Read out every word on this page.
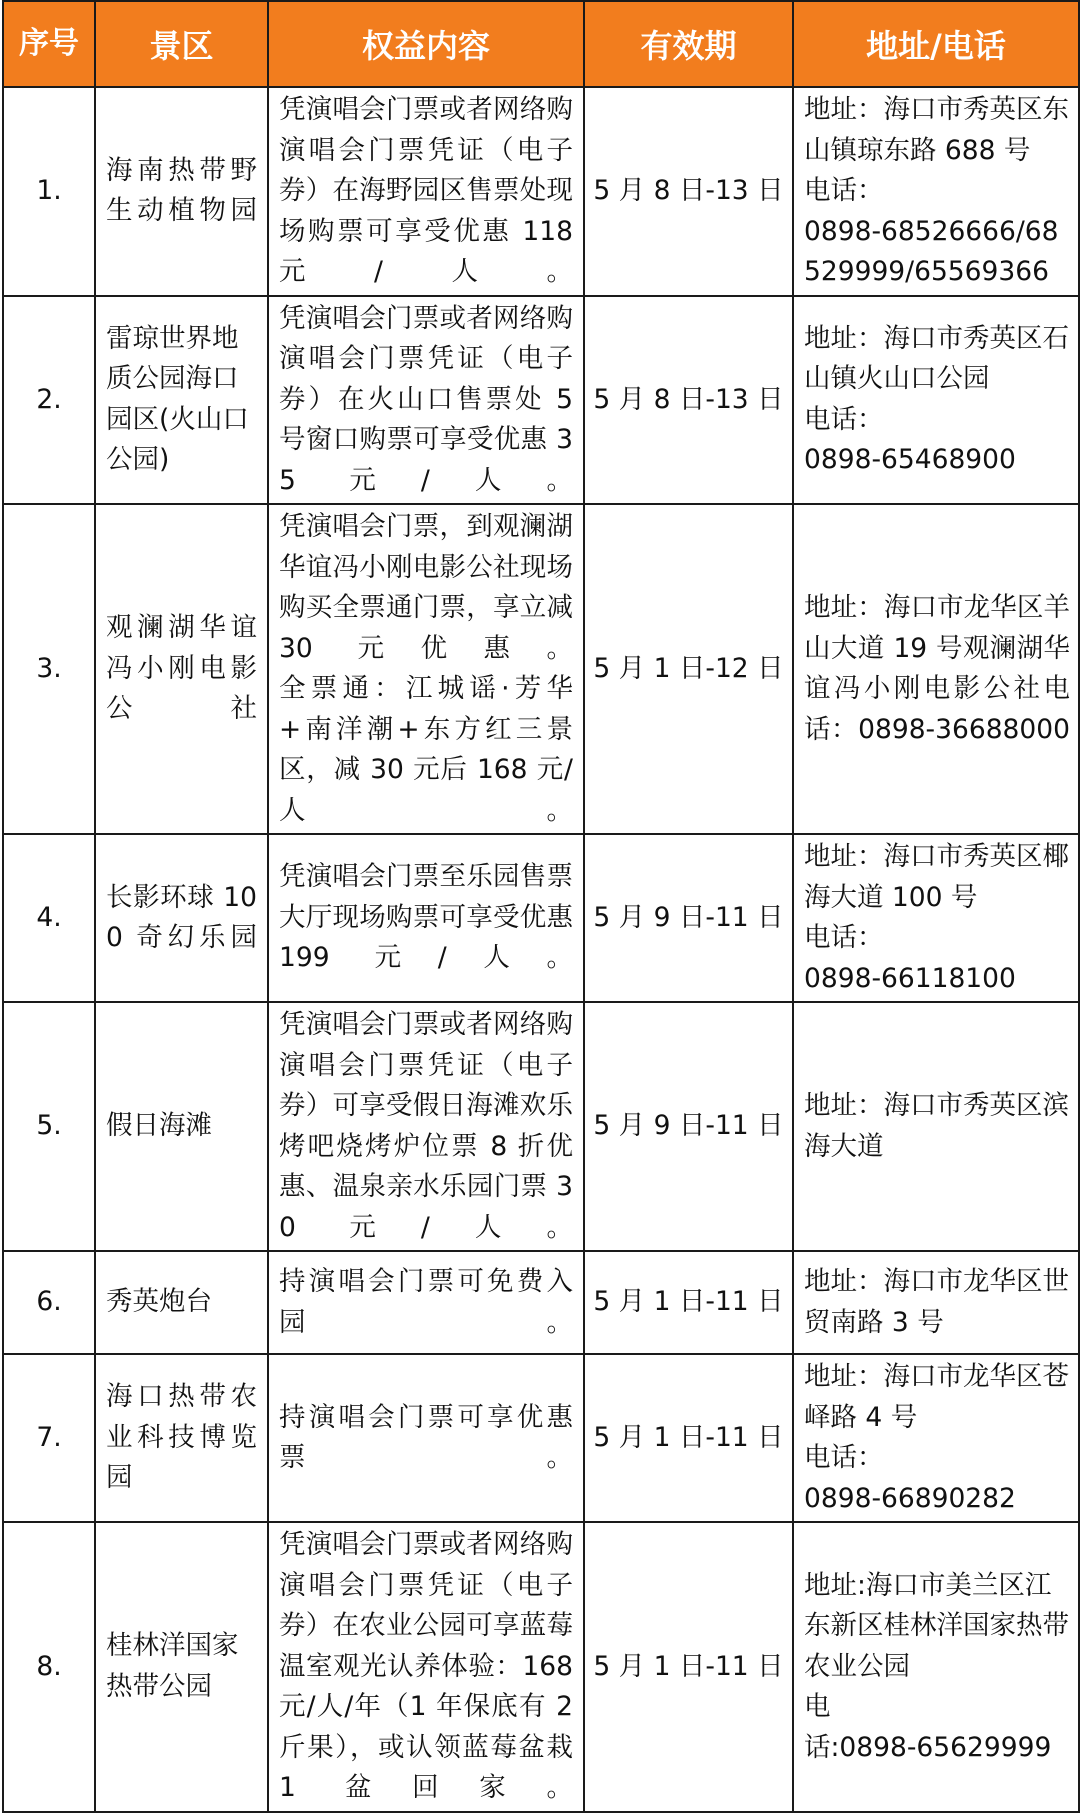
序号	景区	权益内容	有效期	地址/电话
1.	海南热带野生动植物园	凭演唱会门票或者网络购演唱会门票凭证（电子券）在海野园区售票处现场购票可享受优惠 118 元/人。	5 月 8 日-13 日	地址：海口市秀英区东山镇琼东路 688 号
电话：
0898-68526666/68529999/65569366

2.	雷琼世界地质公园海口园区(火山口公园)	凭演唱会门票或者网络购演唱会门票凭证（电子券）在火山口售票处 5 号窗口购票可享受优惠 35 元/人。	5 月 8 日-13 日	地址：海口市秀英区石山镇火山口公园
电话：
0898-65468900

3.	观澜湖华谊冯小刚电影公社	凭演唱会门票，到观澜湖华谊冯小刚电影公社现场购买全票通门票，享立减 30 元优惠。
全票通：江城谣·芳华+南洋潮+东方红三景区，减 30 元后 168 元/人。	5 月 1 日-12 日	地址：海口市龙华区羊山大道 19 号观澜湖华谊冯小刚电影公社电话：0898-36688000
4.	长影环球 100 奇幻乐园	凭演唱会门票至乐园售票大厅现场购票可享受优惠 199 元/人。	5 月 9 日-11 日	地址：海口市秀英区椰海大道 100 号
电话：
0898-66118100

5.	假日海滩	凭演唱会门票或者网络购演唱会门票凭证（电子券）可享受假日海滩欢乐烤吧烧烤炉位票 8 折优惠、温泉亲水乐园门票 30 元/人。	5 月 9 日-11 日	地址：海口市秀英区滨海大道

6.	秀英炮台	持演唱会门票可免费入园。	5 月 1 日-11 日	地址：海口市龙华区世贸南路 3 号

7.	海口热带农业科技博览园	持演唱会门票可享优惠票。	5 月 1 日-11 日	地址：海口市龙华区苍峄路 4 号
电话：
0898-66890282

8.	桂林洋国家热带公园	凭演唱会门票或者网络购演唱会门票凭证（电子券）在农业公园可享蓝莓温室观光认养体验：168 元/人/年（1 年保底有 2 斤果），或认领蓝莓盆栽 1 盆回家。	5 月 1 日-11 日	地址:海口市美兰区江东新区桂林洋国家热带农业公园
电
话:0898-65629999
